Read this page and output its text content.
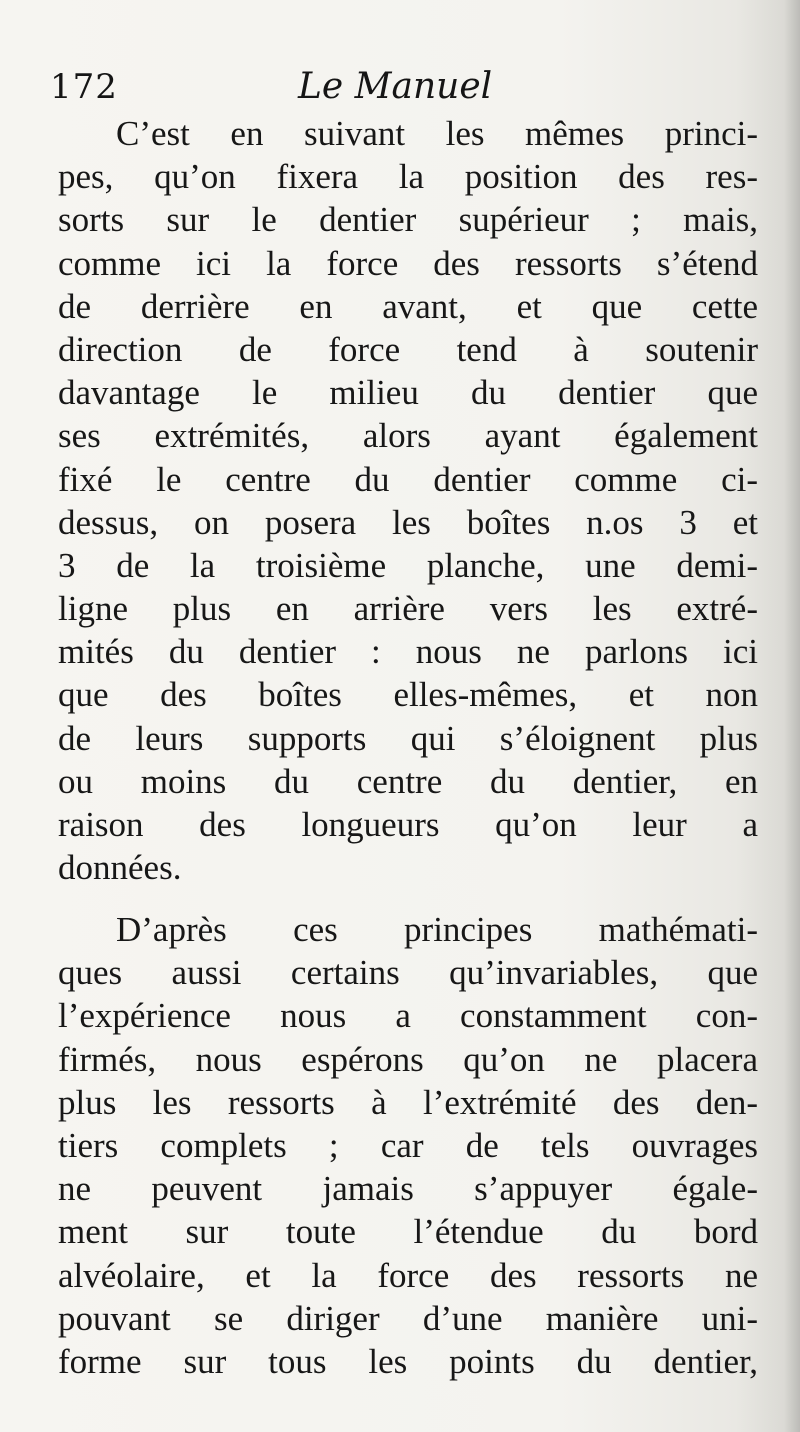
172	Le Manuel
C’est en suivant les mêmes princi-
pes, qu’on fixera la position des res-
sorts sur le dentier supérieur ; mais,
comme ici la force des ressorts s’étend
de derrière en avant, et que cette
direction de force tend à soutenir
davantage le milieu du dentier que
ses extrémités, alors ayant également
fixé le centre du dentier comme ci-
dessus, on posera les boîtes n.os 3 et
3 de la troisième planche, une demi-
ligne plus en arrière vers les extré-
mités du dentier : nous ne parlons ici
que des boîtes elles-mêmes, et non
de leurs supports qui s’éloignent plus
ou moins du centre du dentier, en
raison des longueurs qu’on leur a
données.
D’après ces principes mathémati-
ques aussi certains qu’invariables, que
l’expérience nous a constamment con-
firmés, nous espérons qu’on ne placera
plus les ressorts à l’extrémité des den-
tiers complets ; car de tels ouvrages
ne peuvent jamais s’appuyer égale-
ment sur toute l’étendue du bord
alvéolaire, et la force des ressorts ne
pouvant se diriger d’une manière uni-
forme sur tous les points du dentier,
